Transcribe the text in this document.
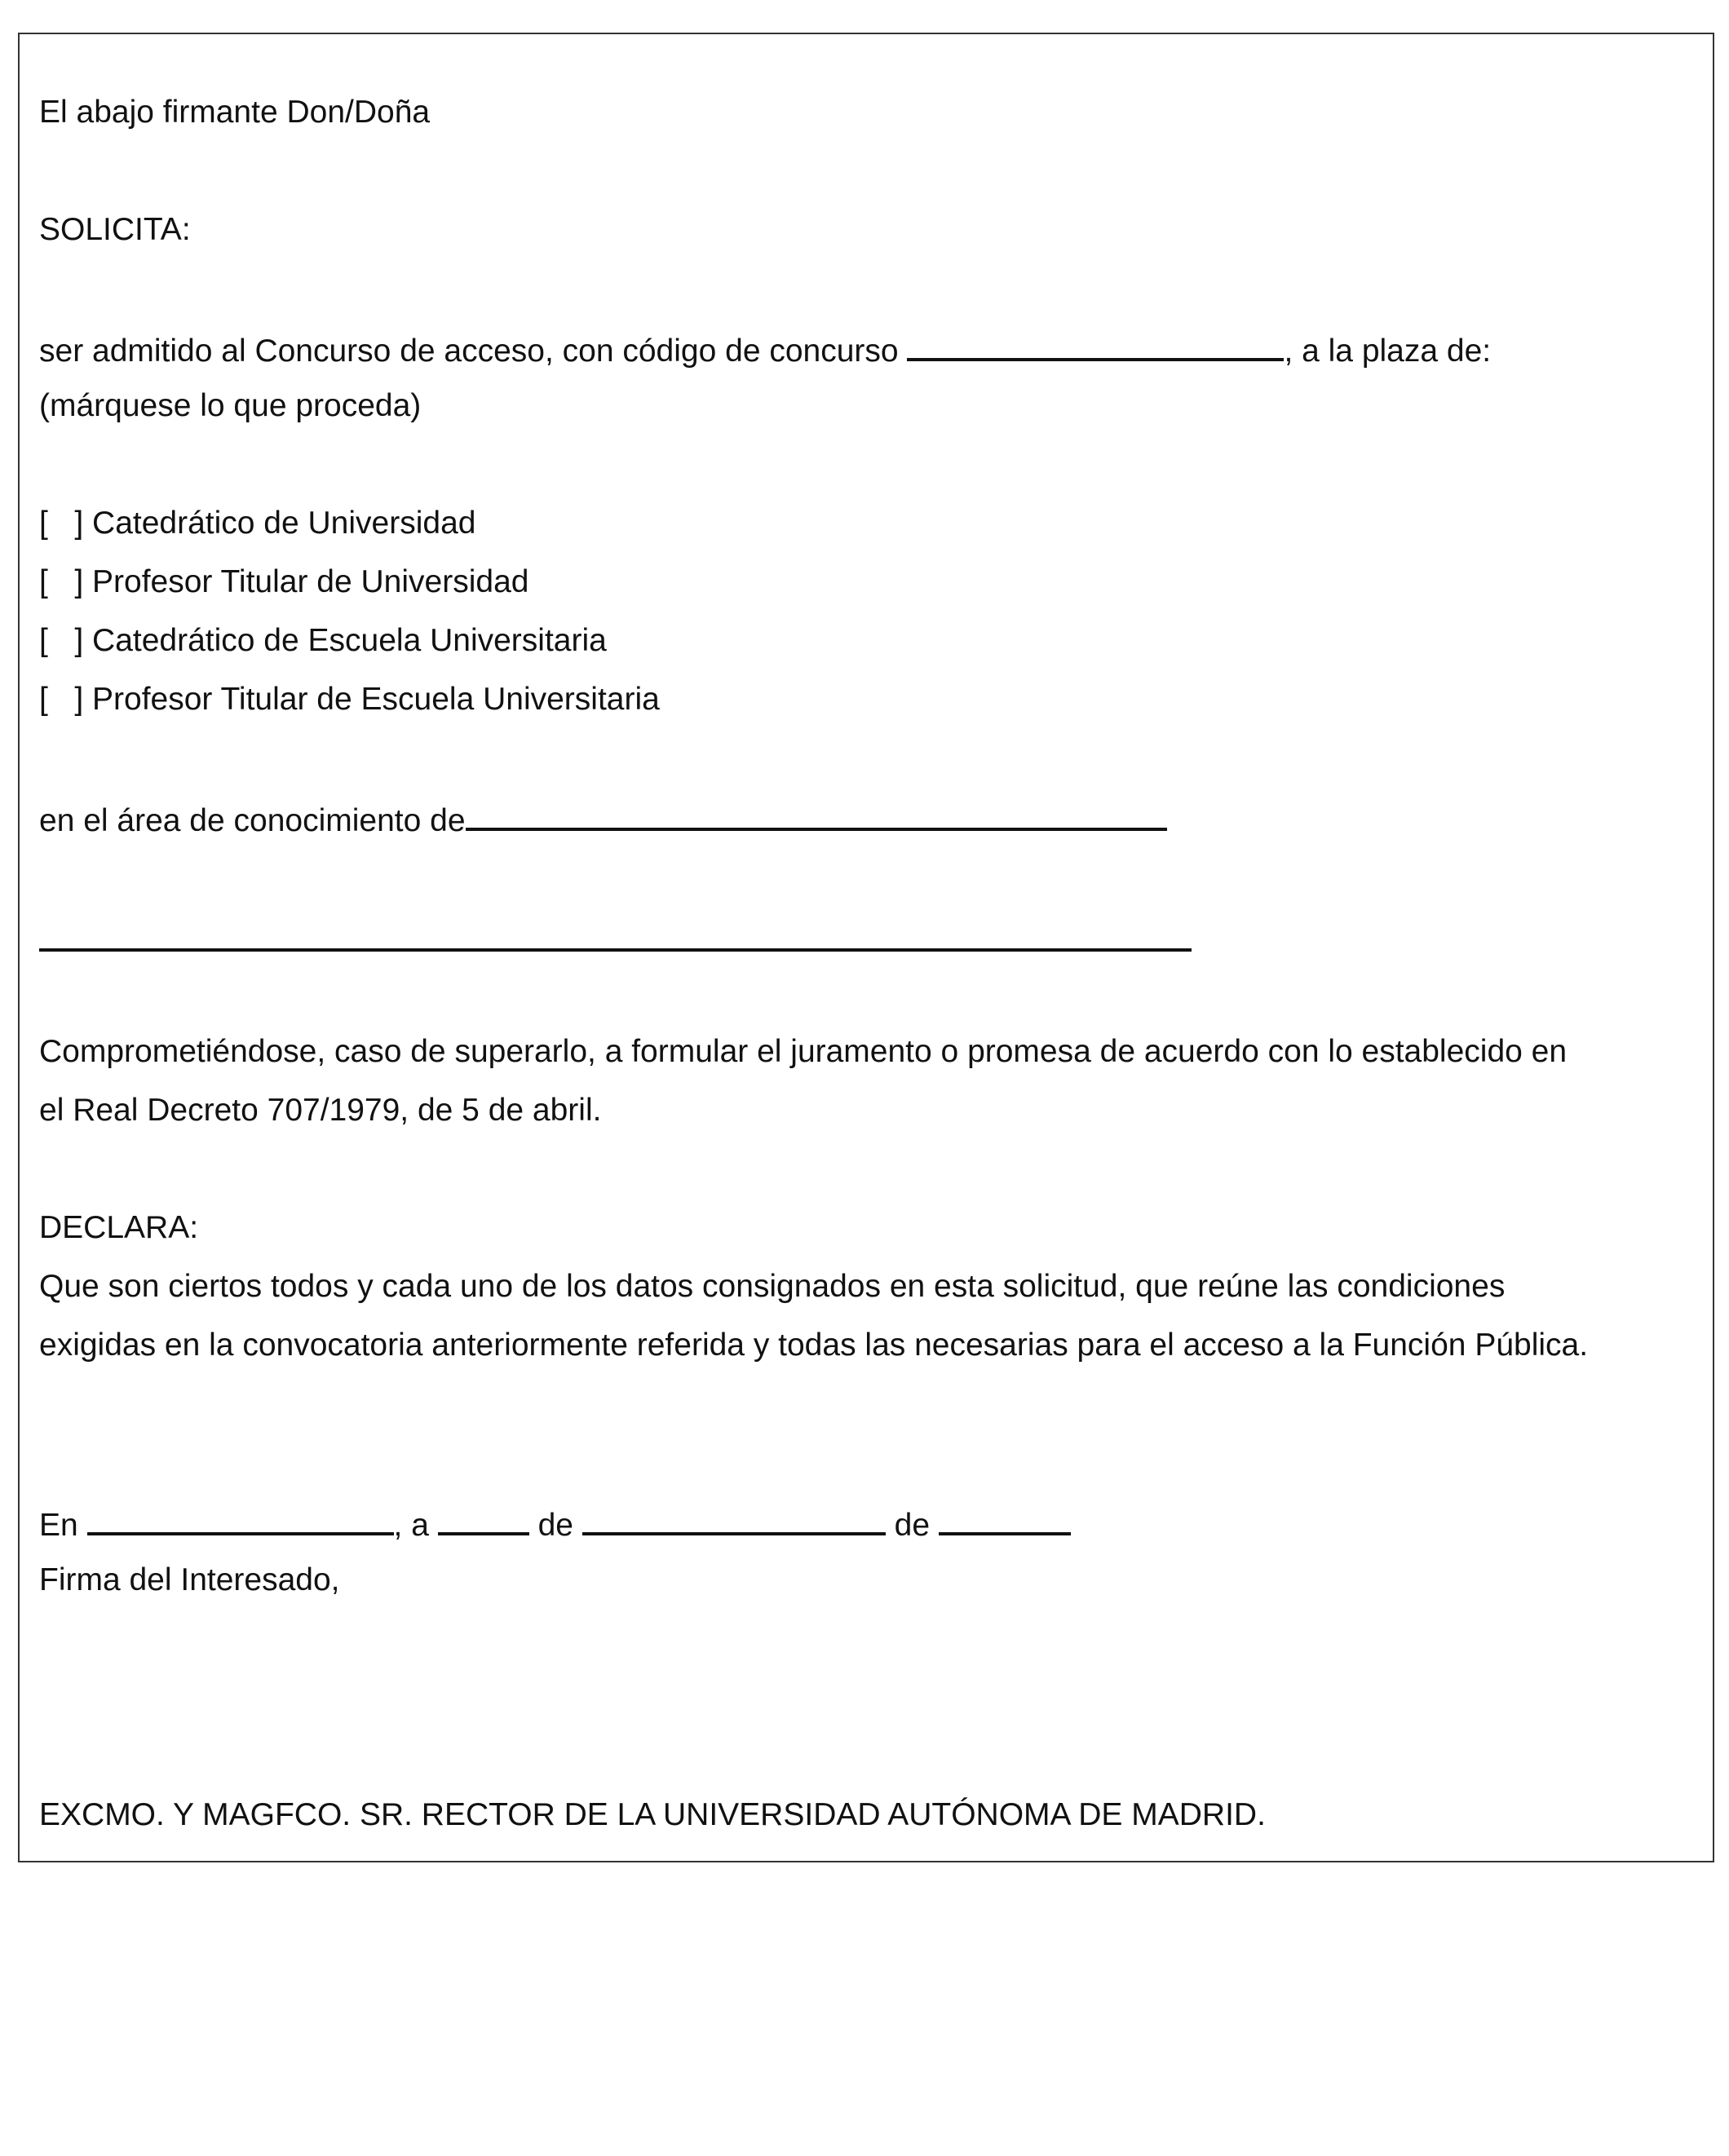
El abajo firmante Don/Doña
SOLICITA:
ser admitido al Concurso de acceso, con código de concurso	, a la plaza de:
(márquese lo que proceda)
[   ] Catedrático de Universidad
[   ] Profesor Titular de Universidad
[   ] Catedrático de Escuela Universitaria
[   ] Profesor Titular de Escuela Universitaria
en el área de conocimiento de
Comprometiéndose, caso de superarlo, a formular el juramento o promesa de acuerdo con lo establecido en
el Real Decreto 707/1979, de 5 de abril.
DECLARA:
Que son ciertos todos y cada uno de los datos consignados en esta solicitud, que reúne las condiciones
exigidas en la convocatoria anteriormente referida y todas las necesarias para el acceso a la Función Pública.
En	, a	de	de
Firma del Interesado,
EXCMO. Y MAGFCO. SR. RECTOR DE LA UNIVERSIDAD AUTÓNOMA DE MADRID.
